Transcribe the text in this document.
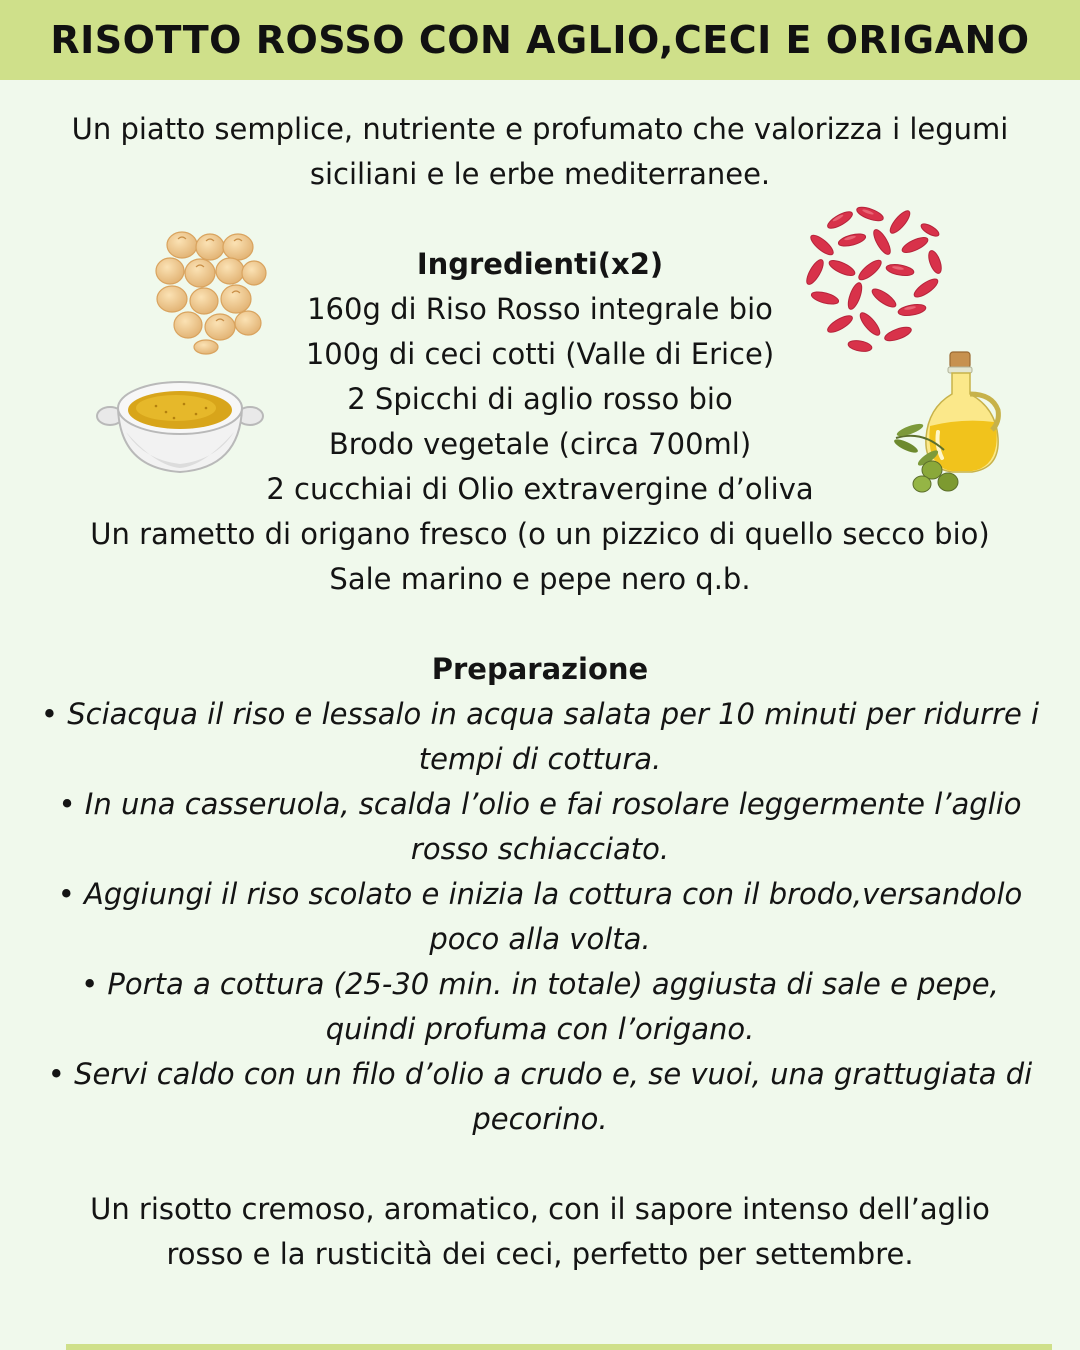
RISOTTO ROSSO CON AGLIO,CECI E ORIGANO
Un piatto semplice, nutriente e profumato che valorizza i legumi
siciliani e le erbe mediterranee.
Ingredienti(x2)
160g di Riso Rosso integrale bio
100g di ceci cotti (Valle di Erice)
2 Spicchi di aglio rosso bio
Brodo vegetale (circa 700ml)
2 cucchiai di Olio extravergine d’oliva
Un rametto di origano fresco (o un pizzico di quello secco bio)
Sale marino e pepe nero q.b.
Preparazione
• Sciacqua il riso e lessalo in acqua salata per 10 minuti per ridurre i
tempi di cottura.
• In una casseruola, scalda l’olio e fai rosolare leggermente l’aglio
rosso schiacciato.
• Aggiungi il riso scolato e inizia la cottura con il brodo,versandolo
poco alla volta.
• Porta a cottura (25-30 min. in totale) aggiusta di sale e pepe,
quindi profuma con l’origano.
• Servi caldo con un filo d’olio a crudo e, se vuoi, una grattugiata di
pecorino.
Un risotto cremoso, aromatico, con il sapore intenso dell’aglio
rosso e la rusticità dei ceci, perfetto per settembre.
